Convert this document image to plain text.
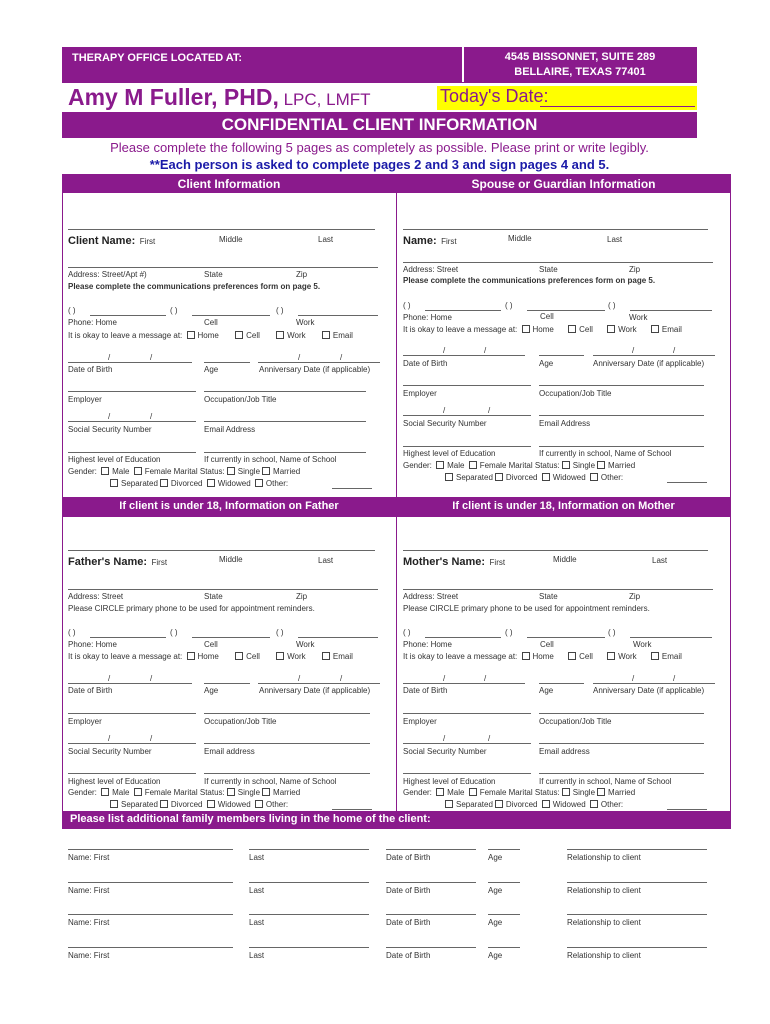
THERAPY OFFICE LOCATED AT:	4545 BISSONNET, SUITE 289
BELLAIRE, TEXAS 77401
Amy M Fuller, PHD, LPC, LMFT	Today's Date:
CONFIDENTIAL CLIENT INFORMATION
Please complete the following 5 pages as completely as possible. Please print or write legibly.
**Each person is asked to complete pages 2 and 3 and sign pages 4 and 5.
Client Information	Spouse or Guardian Information
If client is under 18, Information on Father	If client is under 18, Information on Mother
Client Name: First	Middle	Last
Address: Street/Apt #)	State	Zip
Please complete the communications preferences form on page 5.
( )	( )	( )
Phone: Home	Cell	Work
It is okay to leave a message at: Home	Cell	Work	Email
/	/	/	/
Date of Birth	Age	Anniversary Date (if applicable)
Employer	Occupation/Job Title
/	/
Social Security Number	Email Address
Highest level of Education	If currently in school, Name of School
Gender: Male Female Marital Status: Single Married
Separated Divorced Widowed Other:
Name: First	Middle	Last
Address: Street	State	Zip
Please complete the communications preferences form on page 5.
( )	( )	( )
Phone: Home	Cell	Work
It is okay to leave a message at: Home	Cell	Work	Email
/	/	/	/
Date of Birth	Age	Anniversary Date (if applicable)
Employer	Occupation/Job Title
/	/
Social Security Number	Email Address
Highest level of Education	If currently in school, Name of School
Gender: Male Female Marital Status: Single Married
Separated Divorced Widowed Other:
Father's Name: First	Middle	Last
Address: Street	State	Zip
Please CIRCLE primary phone to be used for appointment reminders.
( )	( )	( )
Phone: Home	Cell	Work
It is okay to leave a message at: Home	Cell	Work	Email
/	/	/	/
Date of Birth	Age	Anniversary Date (if applicable)
Employer	Occupation/Job Title
/	/
Social Security Number	Email address
Highest level of Education	If currently in school, Name of School
Gender: Male Female Marital Status: Single Married
Separated Divorced Widowed Other:
Mother's Name: First	Middle	Last
Address: Street	State	Zip
Please CIRCLE primary phone to be used for appointment reminders.
( )	( )	( )
Phone: Home	Cell	Work
It is okay to leave a message at: Home	Cell	Work	Email
/	/	/	/
Date of Birth	Age	Anniversary Date (if applicable)
Employer	Occupation/Job Title
/	/
Social Security Number	Email address
Highest level of Education	If currently in school, Name of School
Gender: Male Female Marital Status: Single Married
Separated Divorced Widowed Other:
Please list additional family members living in the home of the client:
Name: First	Last	Date of Birth	Age	Relationship to client
Name: First	Last	Date of Birth	Age	Relationship to client
Name: First	Last	Date of Birth	Age	Relationship to client
Name: First	Last	Date of Birth	Age	Relationship to client
